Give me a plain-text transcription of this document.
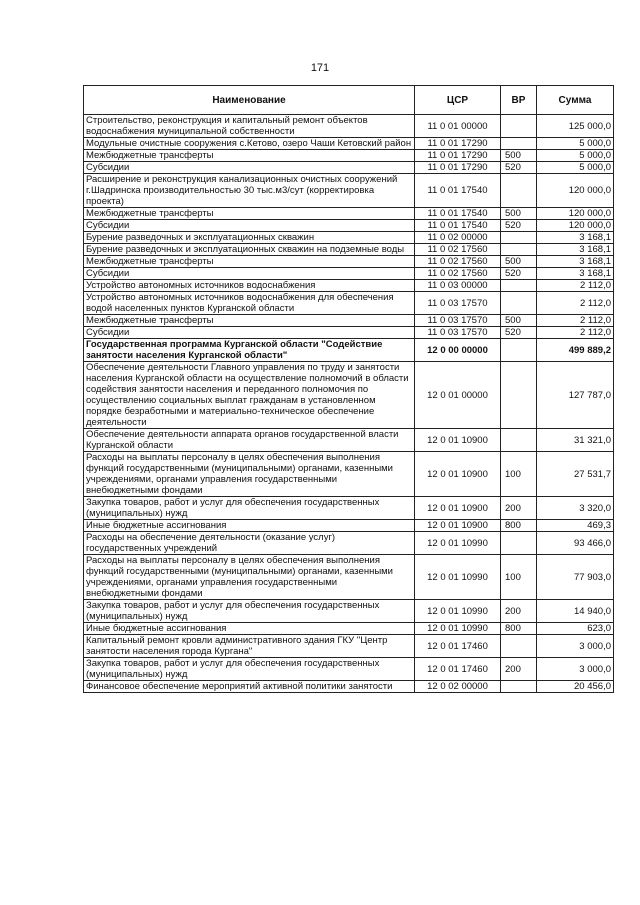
171
Наименование	ЦСР	ВР	Сумма
Строительство, реконструкция и капитальный ремонт объектов водоснабжения муниципальной собственности	11 0 01 00000		125 000,0
Модульные очистные сооружения с.Кетово, озеро Чаши Кетовский район	11 0 01 17290		5 000,0
Межбюджетные трансферты	11 0 01 17290	500	5 000,0
Субсидии	11 0 01 17290	520	5 000,0
Расширение и реконструкция канализационных очистных сооружений г.Шадринска производительностью 30 тыс.м3/сут (корректировка проекта)	11 0 01 17540		120 000,0
Межбюджетные трансферты	11 0 01 17540	500	120 000,0
Субсидии	11 0 01 17540	520	120 000,0
Бурение разведочных и эксплуатационных скважин	11 0 02 00000		3 168,1
Бурение разведочных и эксплуатационных скважин на подземные воды	11 0 02 17560		3 168,1
Межбюджетные трансферты	11 0 02 17560	500	3 168,1
Субсидии	11 0 02 17560	520	3 168,1
Устройство автономных источников водоснабжения	11 0 03 00000		2 112,0
Устройство автономных источников водоснабжения для обеспечения водой населенных пунктов Курганской области	11 0 03 17570		2 112,0
Межбюджетные трансферты	11 0 03 17570	500	2 112,0
Субсидии	11 0 03 17570	520	2 112,0
Государственная программа Курганской области "Содействие занятости населения Курганской области"	12 0 00 00000		499 889,2
Обеспечение деятельности Главного управления по труду и занятости населения Курганской области на осуществление полномочий в области содействия занятости населения и переданного полномочия по осуществлению социальных выплат гражданам в установленном порядке безработными и материально-техническое обеспечение деятельности	12 0 01 00000		127 787,0
Обеспечение деятельности аппарата органов государственной власти Курганской области	12 0 01 10900		31 321,0
Расходы на выплаты персоналу в целях обеспечения выполнения функций государственными (муниципальными) органами, казенными учреждениями, органами управления государственными внебюджетными фондами	12 0 01 10900	100	27 531,7
Закупка товаров, работ и услуг для обеспечения государственных (муниципальных) нужд	12 0 01 10900	200	3 320,0
Иные бюджетные ассигнования	12 0 01 10900	800	469,3
Расходы на обеспечение деятельности (оказание услуг) государственных учреждений	12 0 01 10990		93 466,0
Расходы на выплаты персоналу в целях обеспечения выполнения функций государственными (муниципальными) органами, казенными учреждениями, органами управления государственными внебюджетными фондами	12 0 01 10990	100	77 903,0
Закупка товаров, работ и услуг для обеспечения государственных (муниципальных) нужд	12 0 01 10990	200	14 940,0
Иные бюджетные ассигнования	12 0 01 10990	800	623,0
Капитальный ремонт кровли административного здания ГКУ "Центр занятости населения города Кургана"	12 0 01 17460		3 000,0
Закупка товаров, работ и услуг для обеспечения государственных (муниципальных) нужд	12 0 01 17460	200	3 000,0
Финансовое обеспечение мероприятий активной политики занятости	12 0 02 00000		20 456,0
